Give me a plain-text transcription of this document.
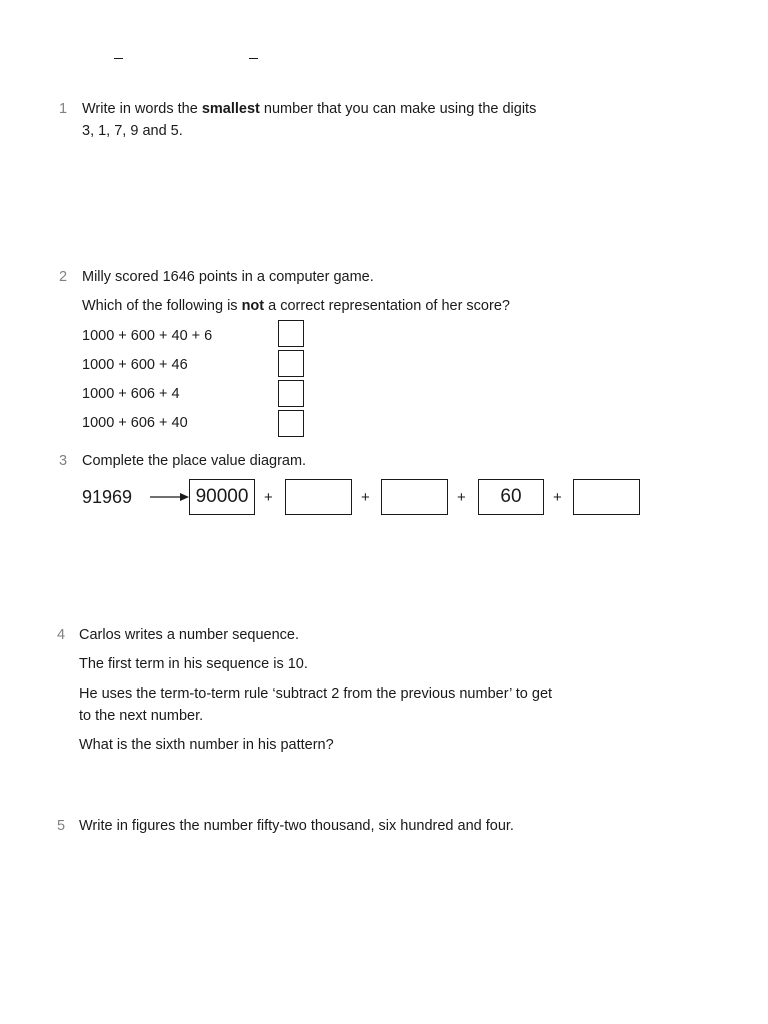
1 Write in words the smallest number that you can make using the digits
3, 1, 7, 9 and 5.
2 Milly scored 1646 points in a computer game.
Which of the following is not a correct representation of her score?
1000 + 600 + 40 + 6
1000 + 600 + 46
1000 + 606 + 4
1000 + 606 + 40
3 Complete the place value diagram.
91969	90000	+	+	+	60	+
4 Carlos writes a number sequence.
The first term in his sequence is 10.
He uses the term-to-term rule ‘subtract 2 from the previous number’ to get
to the next number.
What is the sixth number in his pattern?
5 Write in figures the number fifty-two thousand, six hundred and four.
